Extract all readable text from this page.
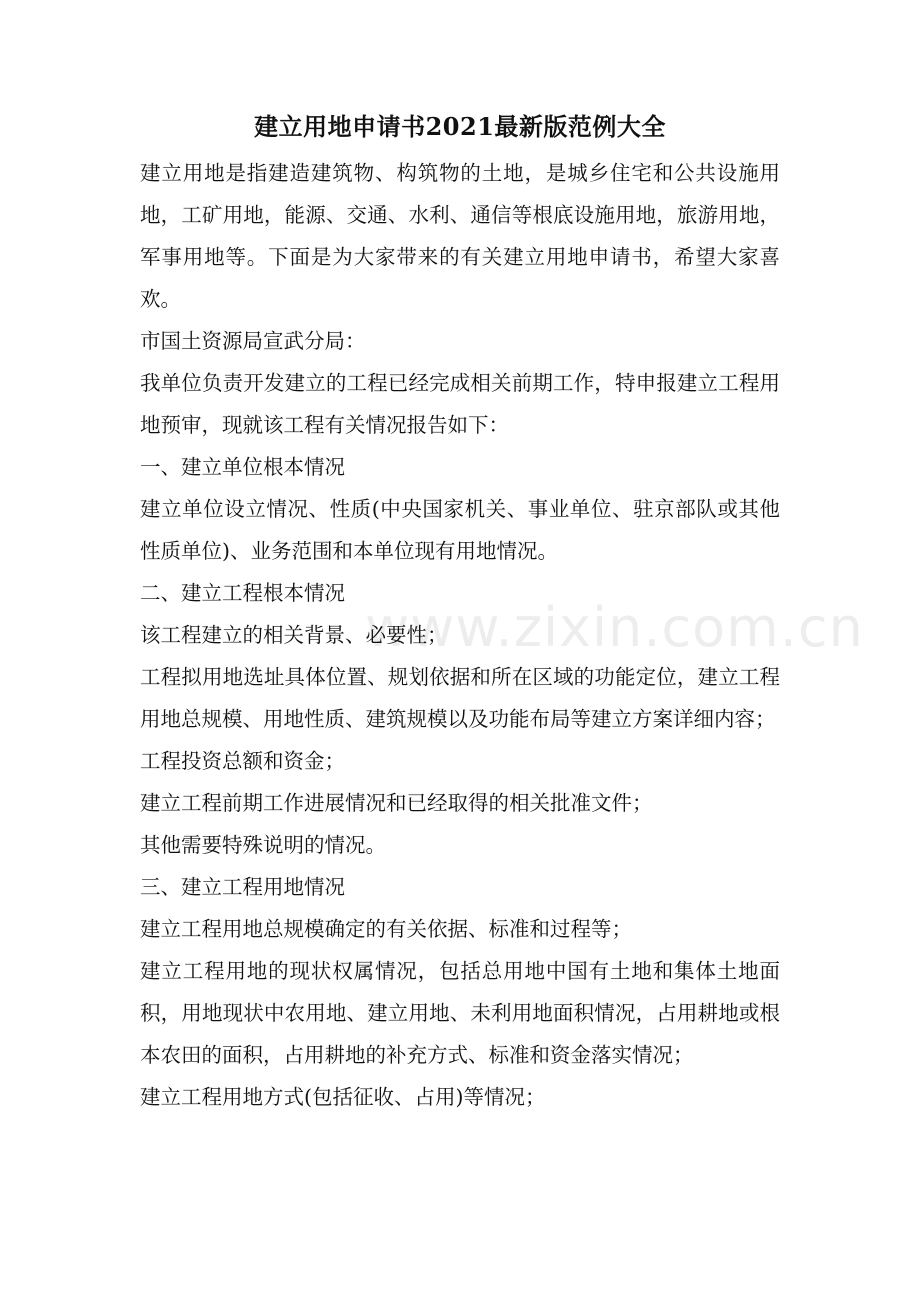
建立用地申请书2021最新版范例大全

建立用地是指建造建筑物、构筑物的土地，是城乡住宅和公共设施用地，工矿用地，能源、交通、水利、通信等根底设施用地，旅游用地，军事用地等。下面是为大家带来的有关建立用地申请书，希望大家喜欢。

市国土资源局宣武分局：

我单位负责开发建立的工程已经完成相关前期工作，特申报建立工程用地预审，现就该工程有关情况报告如下：

一、建立单位根本情况

建立单位设立情况、性质(中央国家机关、事业单位、驻京部队或其他性质单位)、业务范围和本单位现有用地情况。

二、建立工程根本情况

该工程建立的相关背景、必要性；

工程拟用地选址具体位置、规划依据和所在区域的功能定位，建立工程用地总规模、用地性质、建筑规模以及功能布局等建立方案详细内容；

工程投资总额和资金；

建立工程前期工作进展情况和已经取得的相关批准文件；

其他需要特殊说明的情况。

三、建立工程用地情况

建立工程用地总规模确定的有关依据、标准和过程等；

建立工程用地的现状权属情况，包括总用地中国有土地和集体土地面积，用地现状中农用地、建立用地、未利用地面积情况，占用耕地或根本农田的面积，占用耕地的补充方式、标准和资金落实情况；

建立工程用地方式(包括征收、占用)等情况；

www.zixin.com.cn
